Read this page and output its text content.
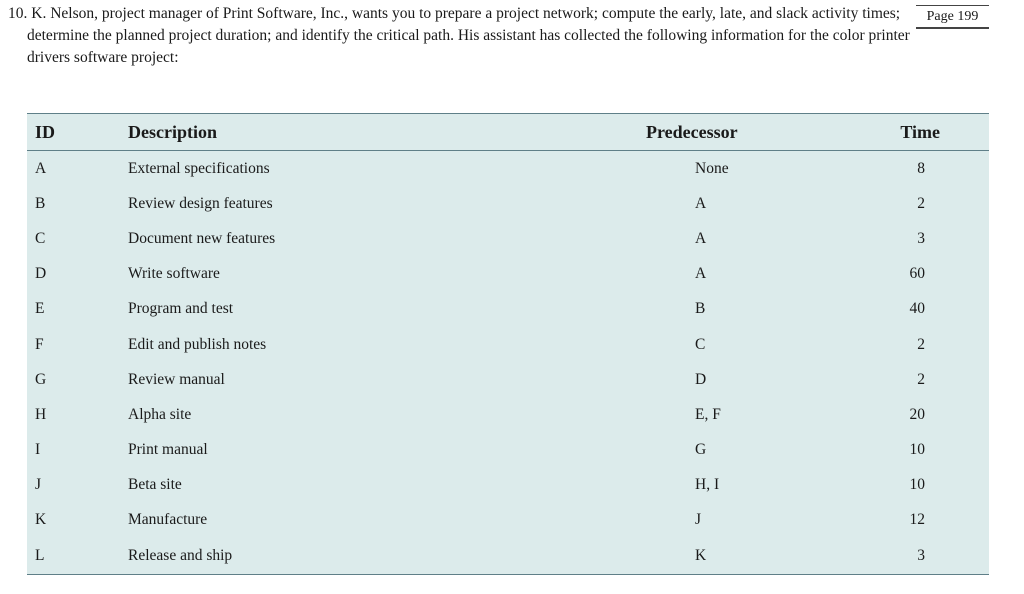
10. K. Nelson, project manager of Print Software, Inc., wants you to prepare a project network; compute the early, late, and slack activity times; determine the planned project duration; and identify the critical path. His assistant has collected the following information for the color printer drivers software project:
Page 199
ID	Description	Predecessor	Time
A	External specifications	None	8
B	Review design features	A	2
C	Document new features	A	3
D	Write software	A	60
E	Program and test	B	40
F	Edit and publish notes	C	2
G	Review manual	D	2
H	Alpha site	E, F	20
I	Print manual	G	10
J	Beta site	H, I	10
K	Manufacture	J	12
L	Release and ship	K	3
